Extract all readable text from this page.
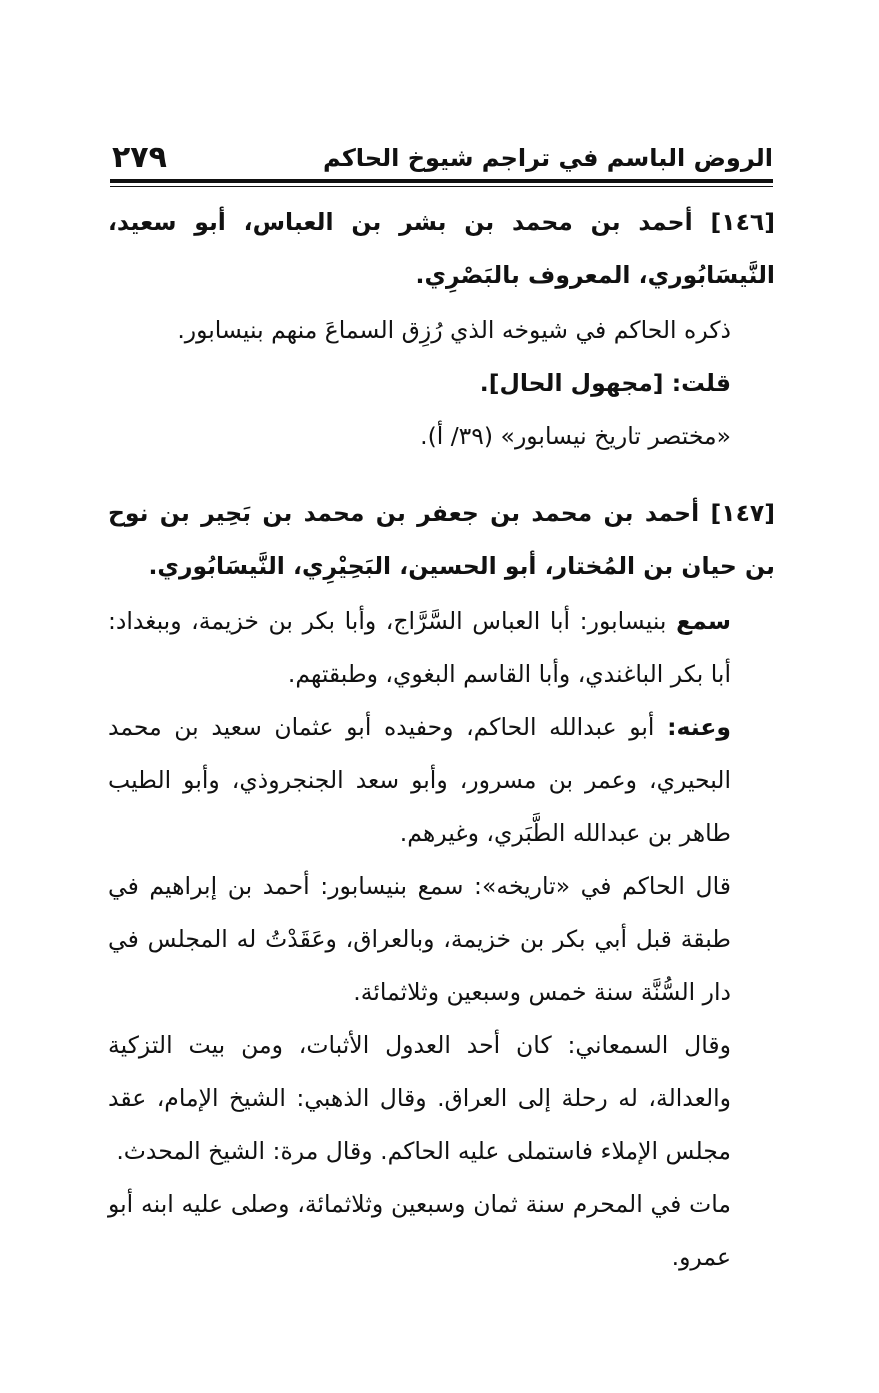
الروض الباسم في تراجم شيوخ الحاكم
٢٧٩

[١٤٦] أحمد بن محمد بن بشر بن العباس، أبو سعيد، النَّيسَابُوري، المعروف بالبَصْرِي.

ذكره الحاكم في شيوخه الذي رُزِق السماعَ منهم بنيسابور.

قلت: [مجهول الحال].

«مختصر تاريخ نيسابور» (٣٩/ أ).

[١٤٧] أحمد بن محمد بن جعفر بن محمد بن بَحِير بن نوح بن حيان بن المُختار، أبو الحسين، البَحِيْرِي، النَّيسَابُوري.

سمع بنيسابور: أبا العباس السَّرَّاج، وأبا بكر بن خزيمة، وببغداد: أبا بكر الباغندي، وأبا القاسم البغوي، وطبقتهم.

وعنه: أبو عبدالله الحاكم، وحفيده أبو عثمان سعيد بن محمد البحيري، وعمر بن مسرور، وأبو سعد الجنجروذي، وأبو الطيب طاهر بن عبدالله الطَّبَري، وغيرهم.

قال الحاكم في «تاريخه»: سمع بنيسابور: أحمد بن إبراهيم في طبقة قبل أبي بكر بن خزيمة، وبالعراق، وعَقَدْتُ له المجلس في دار السُّنَّة سنة خمس وسبعين وثلاثمائة.

وقال السمعاني: كان أحد العدول الأثبات، ومن بيت التزكية والعدالة، له رحلة إلى العراق. وقال الذهبي: الشيخ الإمام، عقد مجلس الإملاء فاستملى عليه الحاكم. وقال مرة: الشيخ المحدث.

مات في المحرم سنة ثمان وسبعين وثلاثمائة، وصلى عليه ابنه أبو عمرو.
